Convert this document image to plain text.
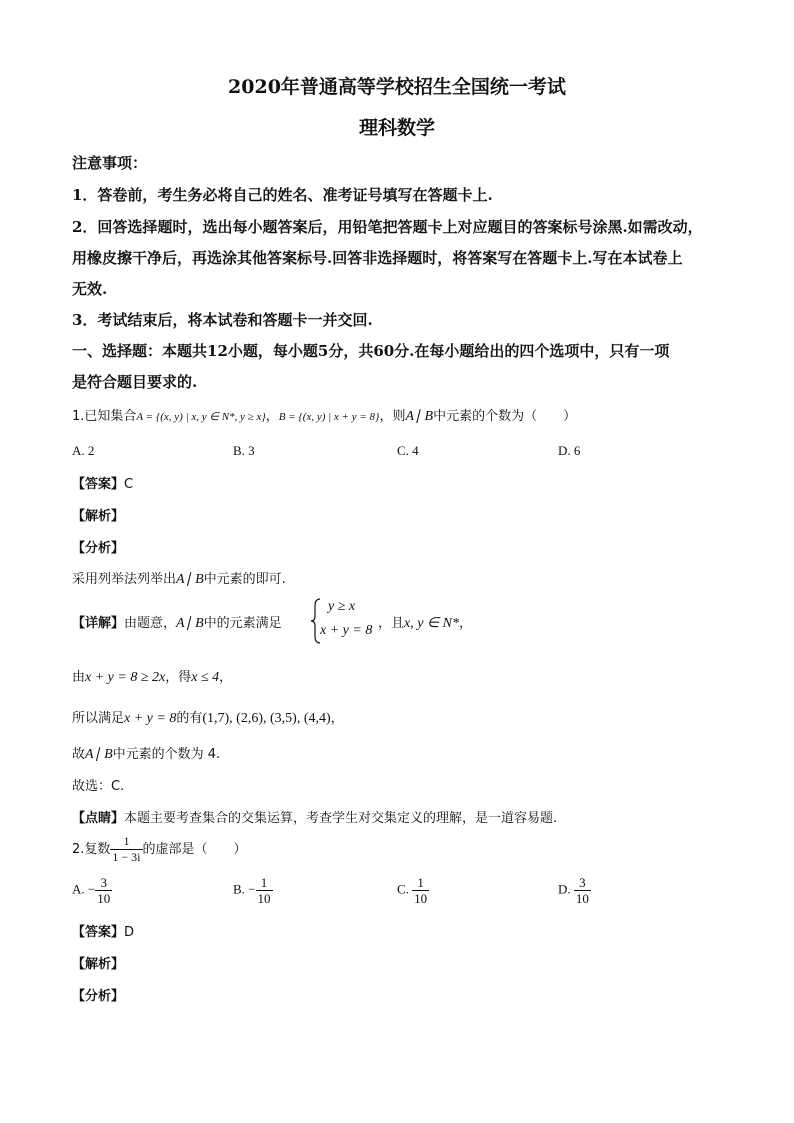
2020年普通高等学校招生全国统一考试
理科数学
注意事项：
1．答卷前，考生务必将自己的姓名、准考证号填写在答题卡上.
2．回答选择题时，选出每小题答案后，用铅笔把答题卡上对应题目的答案标号涂黑.如需改动，
用橡皮擦干净后，再选涂其他答案标号.回答非选择题时，将答案写在答题卡上.写在本试卷上
无效.
3．考试结束后，将本试卷和答题卡一并交回.
一、选择题：本题共12小题，每小题5分，共60分.在每小题给出的四个选项中，只有一项
是符合题目要求的.
1.已知集合A = {(x, y) | x, y ∈ N*, y ≥ x}，B = {(x, y) | x + y = 8}，则A∣ B中元素的个数为（　　）
A. 2	B. 3	C. 4	D. 6
【答案】C
【解析】
【分析】
采用列举法列举出A∣ B中元素的即可.
【详解】由题意，A∣ B中的元素满足
y ≥ x
x + y = 8 ，且x, y ∈ N*，
由x + y = 8 ≥ 2x，得x ≤ 4，
所以满足x + y = 8的有(1,7), (2,6), (3,5), (4,4)，
故A∣ B中元素的个数为 4.
故选：C.
【点睛】本题主要考查集合的交集运算，考查学生对交集定义的理解，是一道容易题.
2.复数 $\frac{1}{1 - 3i}$ 的虚部是（　　）
A. − $\frac{3}{10}$	B. − $\frac{1}{10}$	C. $\frac{1}{10}$	D. $\frac{3}{10}$
【答案】D
【解析】
【分析】
